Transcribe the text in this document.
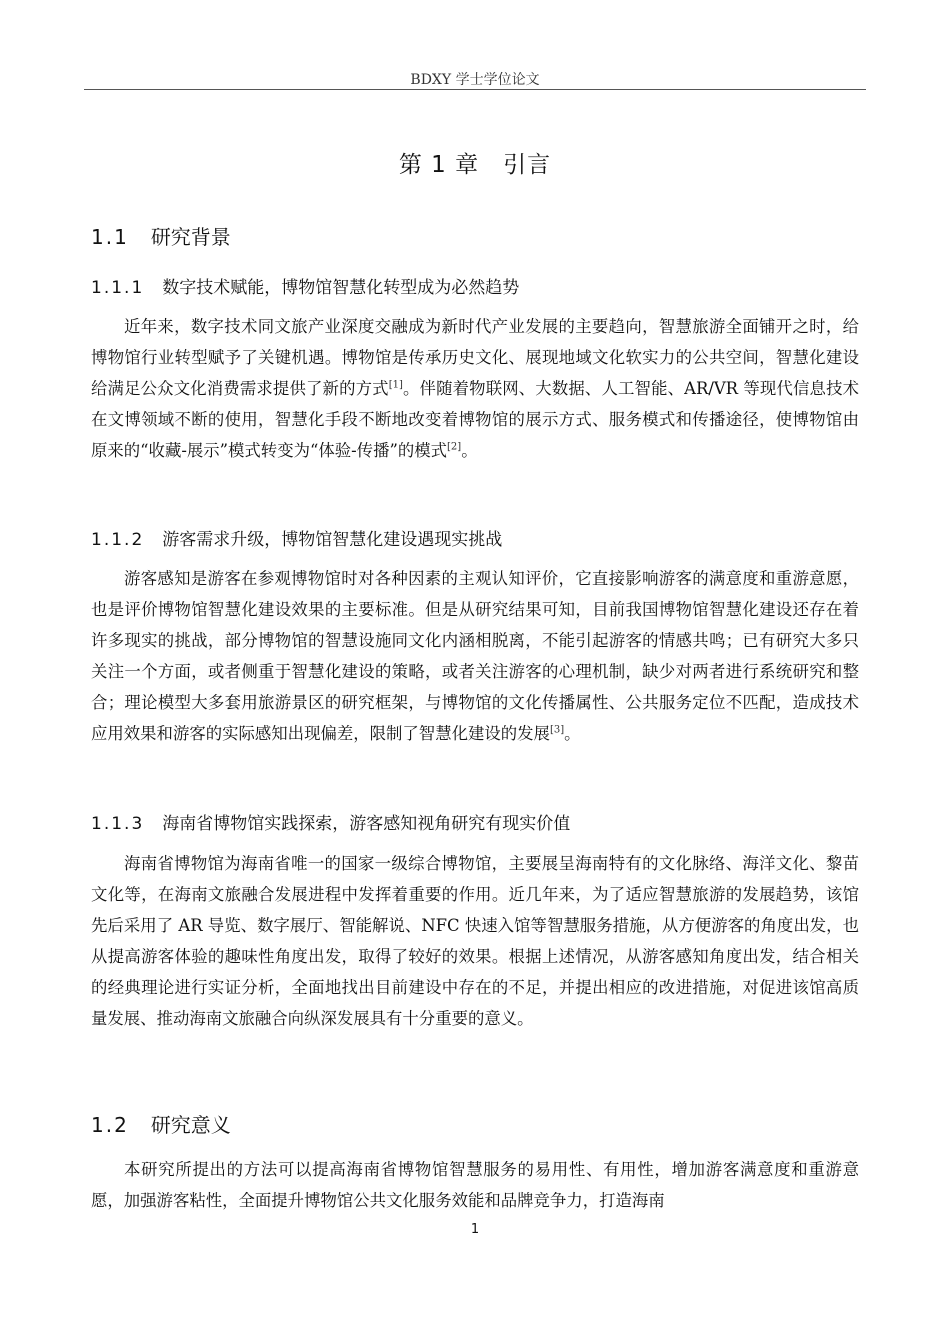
BDXY 学士学位论文
第 1 章　引言
1.1 研究背景
1.1.1 数字技术赋能，博物馆智慧化转型成为必然趋势
近年来，数字技术同文旅产业深度交融成为新时代产业发展的主要趋向，智慧旅游全面铺开之时，给博物馆行业转型赋予了关键机遇。博物馆是传承历史文化、展现地域文化软实力的公共空间，智慧化建设给满足公众文化消费需求提供了新的方式[1]。伴随着物联网、大数据、人工智能、AR/VR 等现代信息技术在文博领域不断的使用，智慧化手段不断地改变着博物馆的展示方式、服务模式和传播途径，使博物馆由原来的“收藏-展示”模式转变为“体验-传播”的模式[2]。
1.1.2 游客需求升级，博物馆智慧化建设遇现实挑战
游客感知是游客在参观博物馆时对各种因素的主观认知评价，它直接影响游客的满意度和重游意愿，也是评价博物馆智慧化建设效果的主要标准。但是从研究结果可知，目前我国博物馆智慧化建设还存在着许多现实的挑战，部分博物馆的智慧设施同文化内涵相脱离，不能引起游客的情感共鸣；已有研究大多只关注一个方面，或者侧重于智慧化建设的策略，或者关注游客的心理机制，缺少对两者进行系统研究和整合；理论模型大多套用旅游景区的研究框架，与博物馆的文化传播属性、公共服务定位不匹配，造成技术应用效果和游客的实际感知出现偏差，限制了智慧化建设的发展[3]。
1.1.3 海南省博物馆实践探索，游客感知视角研究有现实价值
海南省博物馆为海南省唯一的国家一级综合博物馆，主要展呈海南特有的文化脉络、海洋文化、黎苗文化等，在海南文旅融合发展进程中发挥着重要的作用。近几年来，为了适应智慧旅游的发展趋势，该馆先后采用了 AR 导览、数字展厅、智能解说、NFC 快速入馆等智慧服务措施，从方便游客的角度出发，也从提高游客体验的趣味性角度出发，取得了较好的效果。根据上述情况，从游客感知角度出发，结合相关的经典理论进行实证分析，全面地找出目前建设中存在的不足，并提出相应的改进措施，对促进该馆高质量发展、推动海南文旅融合向纵深发展具有十分重要的意义。
1.2 研究意义
本研究所提出的方法可以提高海南省博物馆智慧服务的易用性、有用性，增加游客满意度和重游意愿，加强游客粘性，全面提升博物馆公共文化服务效能和品牌竞争力，打造海南
1
